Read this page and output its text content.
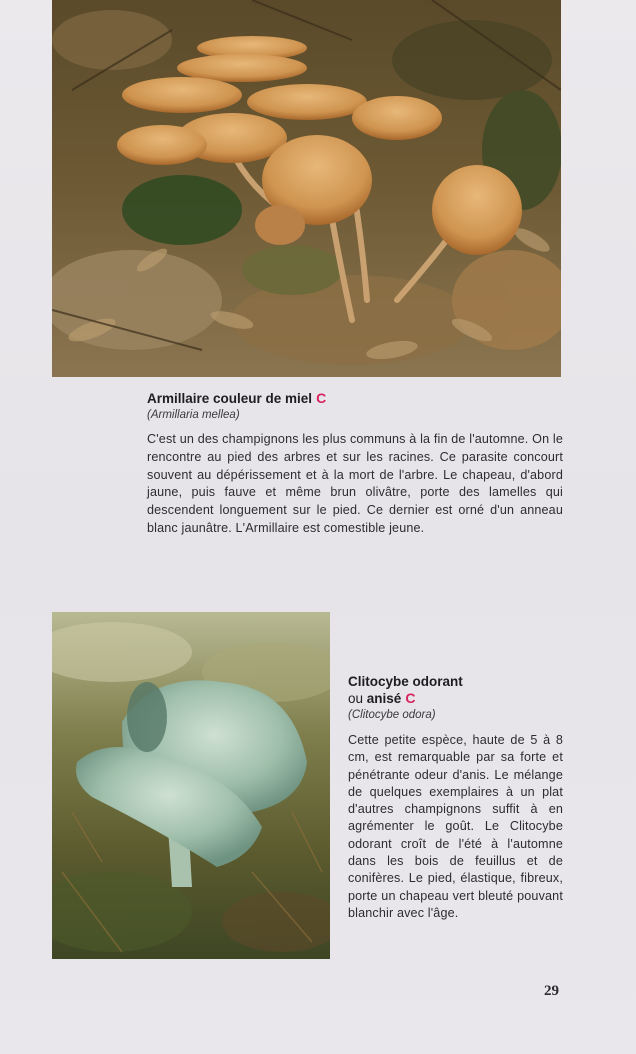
Armillaire couleur de miel C
(Armillaria mellea)
C'est un des champignons les plus communs à la fin de l'automne. On le rencontre au pied des arbres et sur les racines. Ce parasite concourt souvent au dépérissement et à la mort de l'arbre. Le chapeau, d'abord jaune, puis fauve et même brun olivâtre, porte des lamelles qui descendent longuement sur le pied. Ce dernier est orné d'un anneau blanc jaunâtre. L'Armillaire est comestible jeune.
Clitocybe odorant
ou anisé C
(Clitocybe odora)
Cette petite espèce, haute de 5 à 8 cm, est remarquable par sa forte et pénétrante odeur d'anis. Le mélange de quelques exemplaires à un plat d'autres champignons suffit à en agrémenter le goût. Le Clitocybe odorant croît de l'été à l'automne dans les bois de feuillus et de conifères. Le pied, élastique, fibreux, porte un chapeau vert bleuté pouvant blanchir avec l'âge.
29
